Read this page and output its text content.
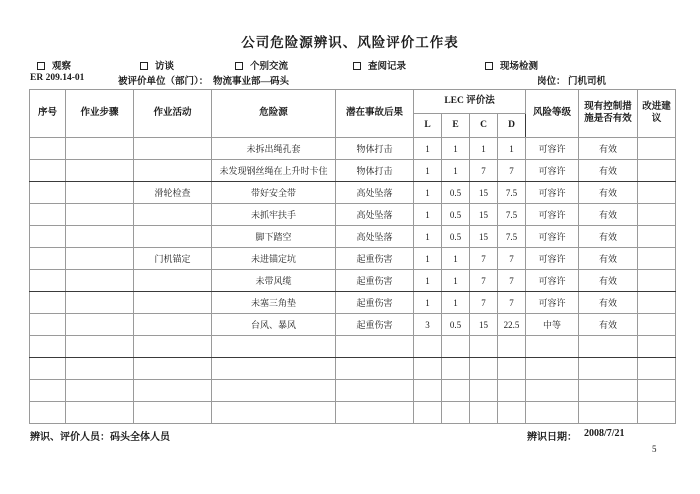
公司危险源辨识、风险评价工作表
观察	访谈	个别交流	查阅记录	现场检测
ER 209.14-01	被评价单位（部门）： 物流事业部—码头	岗位： 门机司机
序号	作业步骤	作业活动	危险源	潜在事故后果	LEC 评价法				风险等级	现有控制措施是否有效	改进建议
					L	E	C	D			
			未拆出绳孔套	物体打击	1	1	1	1	可容许	有效	
			未发现钢丝绳在上升时卡住	物体打击	1	1	7	7	可容许	有效	
		滑轮检查	带好安全带	高处坠落	1	0.5	15	7.5	可容许	有效	
			未抓牢扶手	高处坠落	1	0.5	15	7.5	可容许	有效	
			脚下踏空	高处坠落	1	0.5	15	7.5	可容许	有效	
		门机锚定	未进锚定坑	起重伤害	1	1	7	7	可容许	有效	
			未带风缆	起重伤害	1	1	7	7	可容许	有效	
			未塞三角垫	起重伤害	1	1	7	7	可容许	有效	
			台风、暴风	起重伤害	3	0.5	15	22.5	中等	有效	

辨识、评价人员：码头全体人员	辨识日期： 2008/7/21
5
